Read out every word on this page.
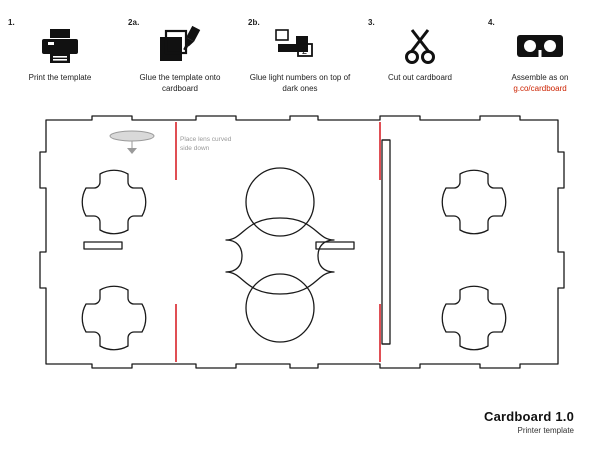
1.
Print the template
2a.
Glue the template onto cardboard
2b.
2
Glue light numbers on top of dark ones
3.
Cut out cardboard
4.
Assemble as on
g.co/cardboard
Place lens curved side down
Cardboard 1.0
Printer template
